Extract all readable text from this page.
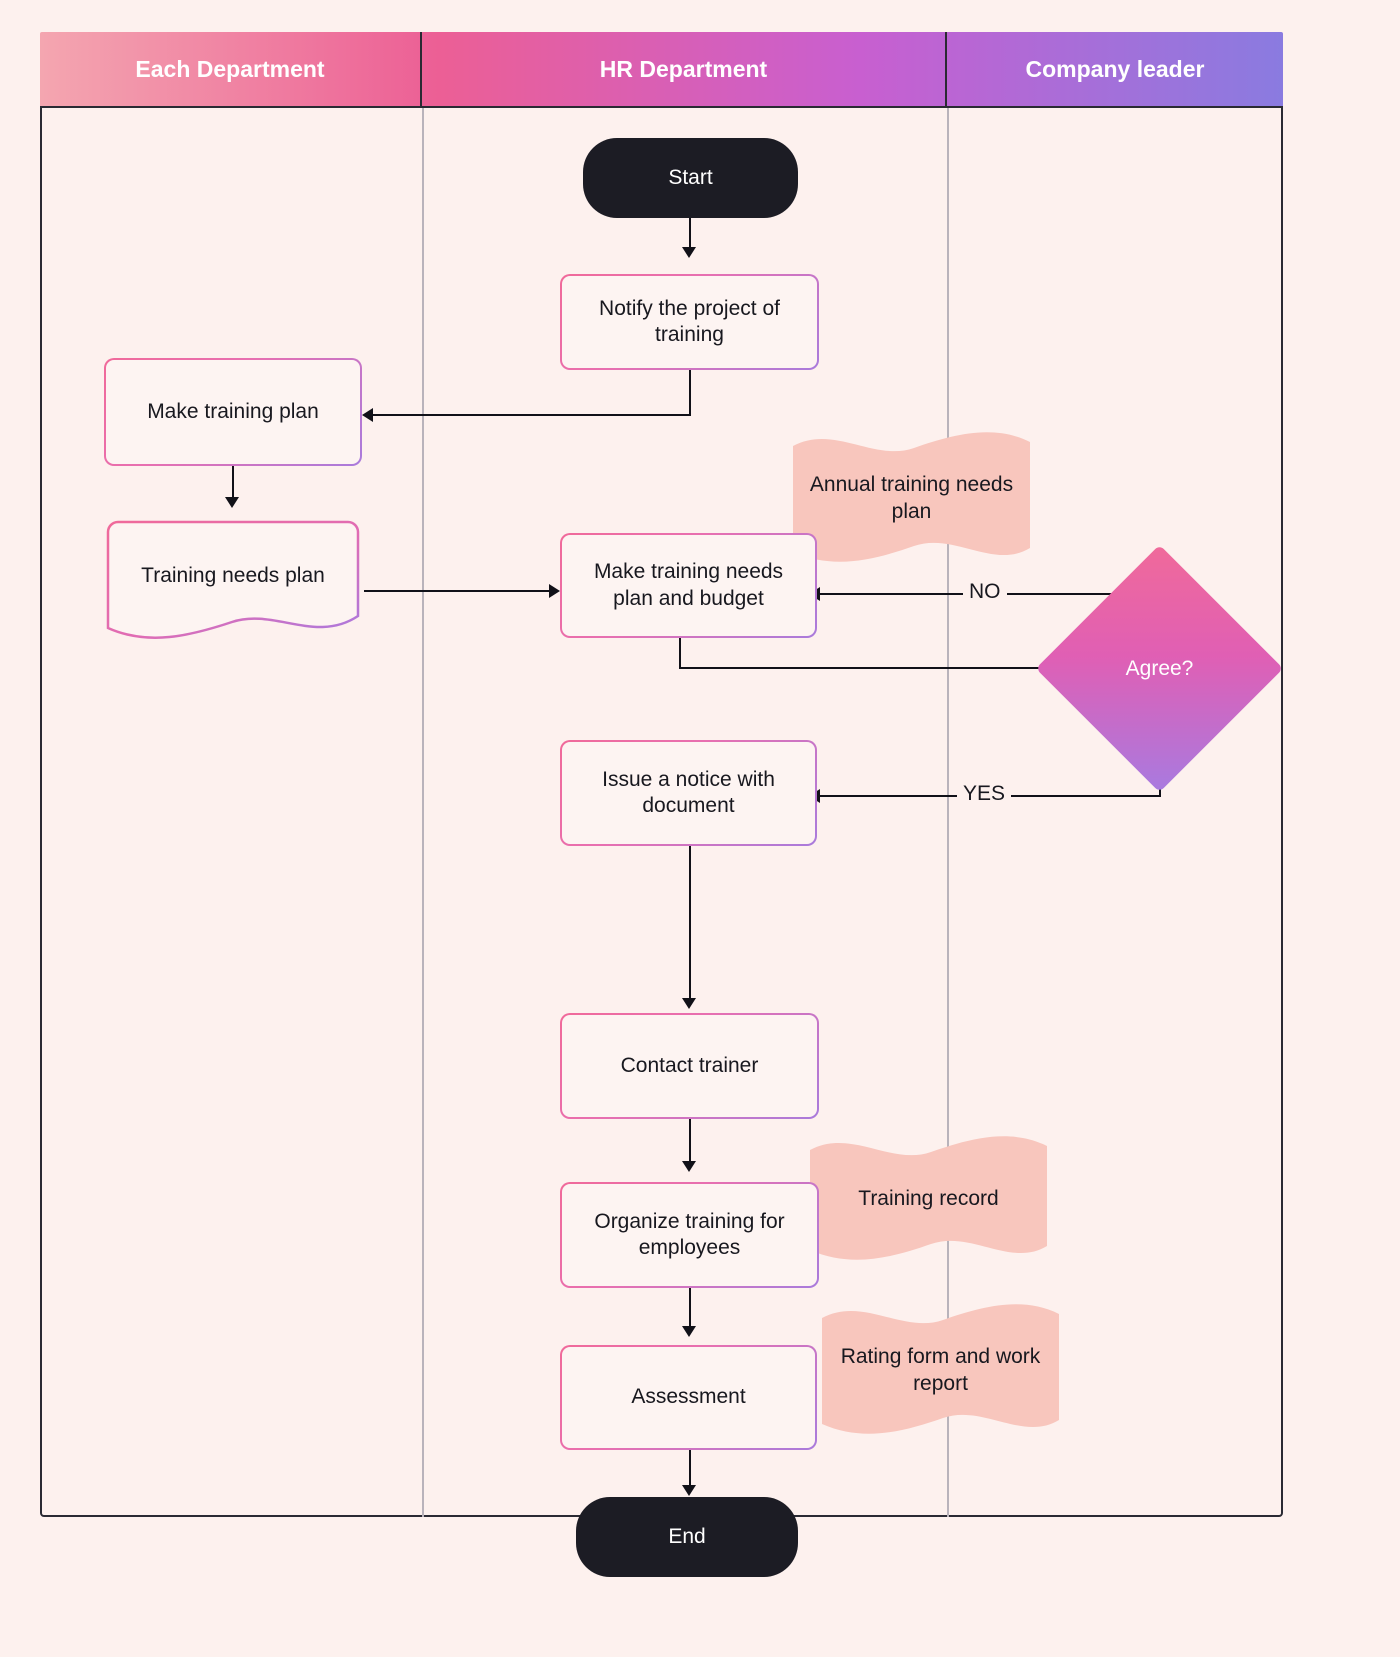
Each Department	HR Department	Company leader
NO
YES
Annual training needs plan
Training record
Rating form and work report
Training needs plan
Start
Notify the project of training
Make training plan
Make training needs plan and budget
Agree?
Issue a notice with document
Contact trainer
Organize training for employees
Assessment
End
